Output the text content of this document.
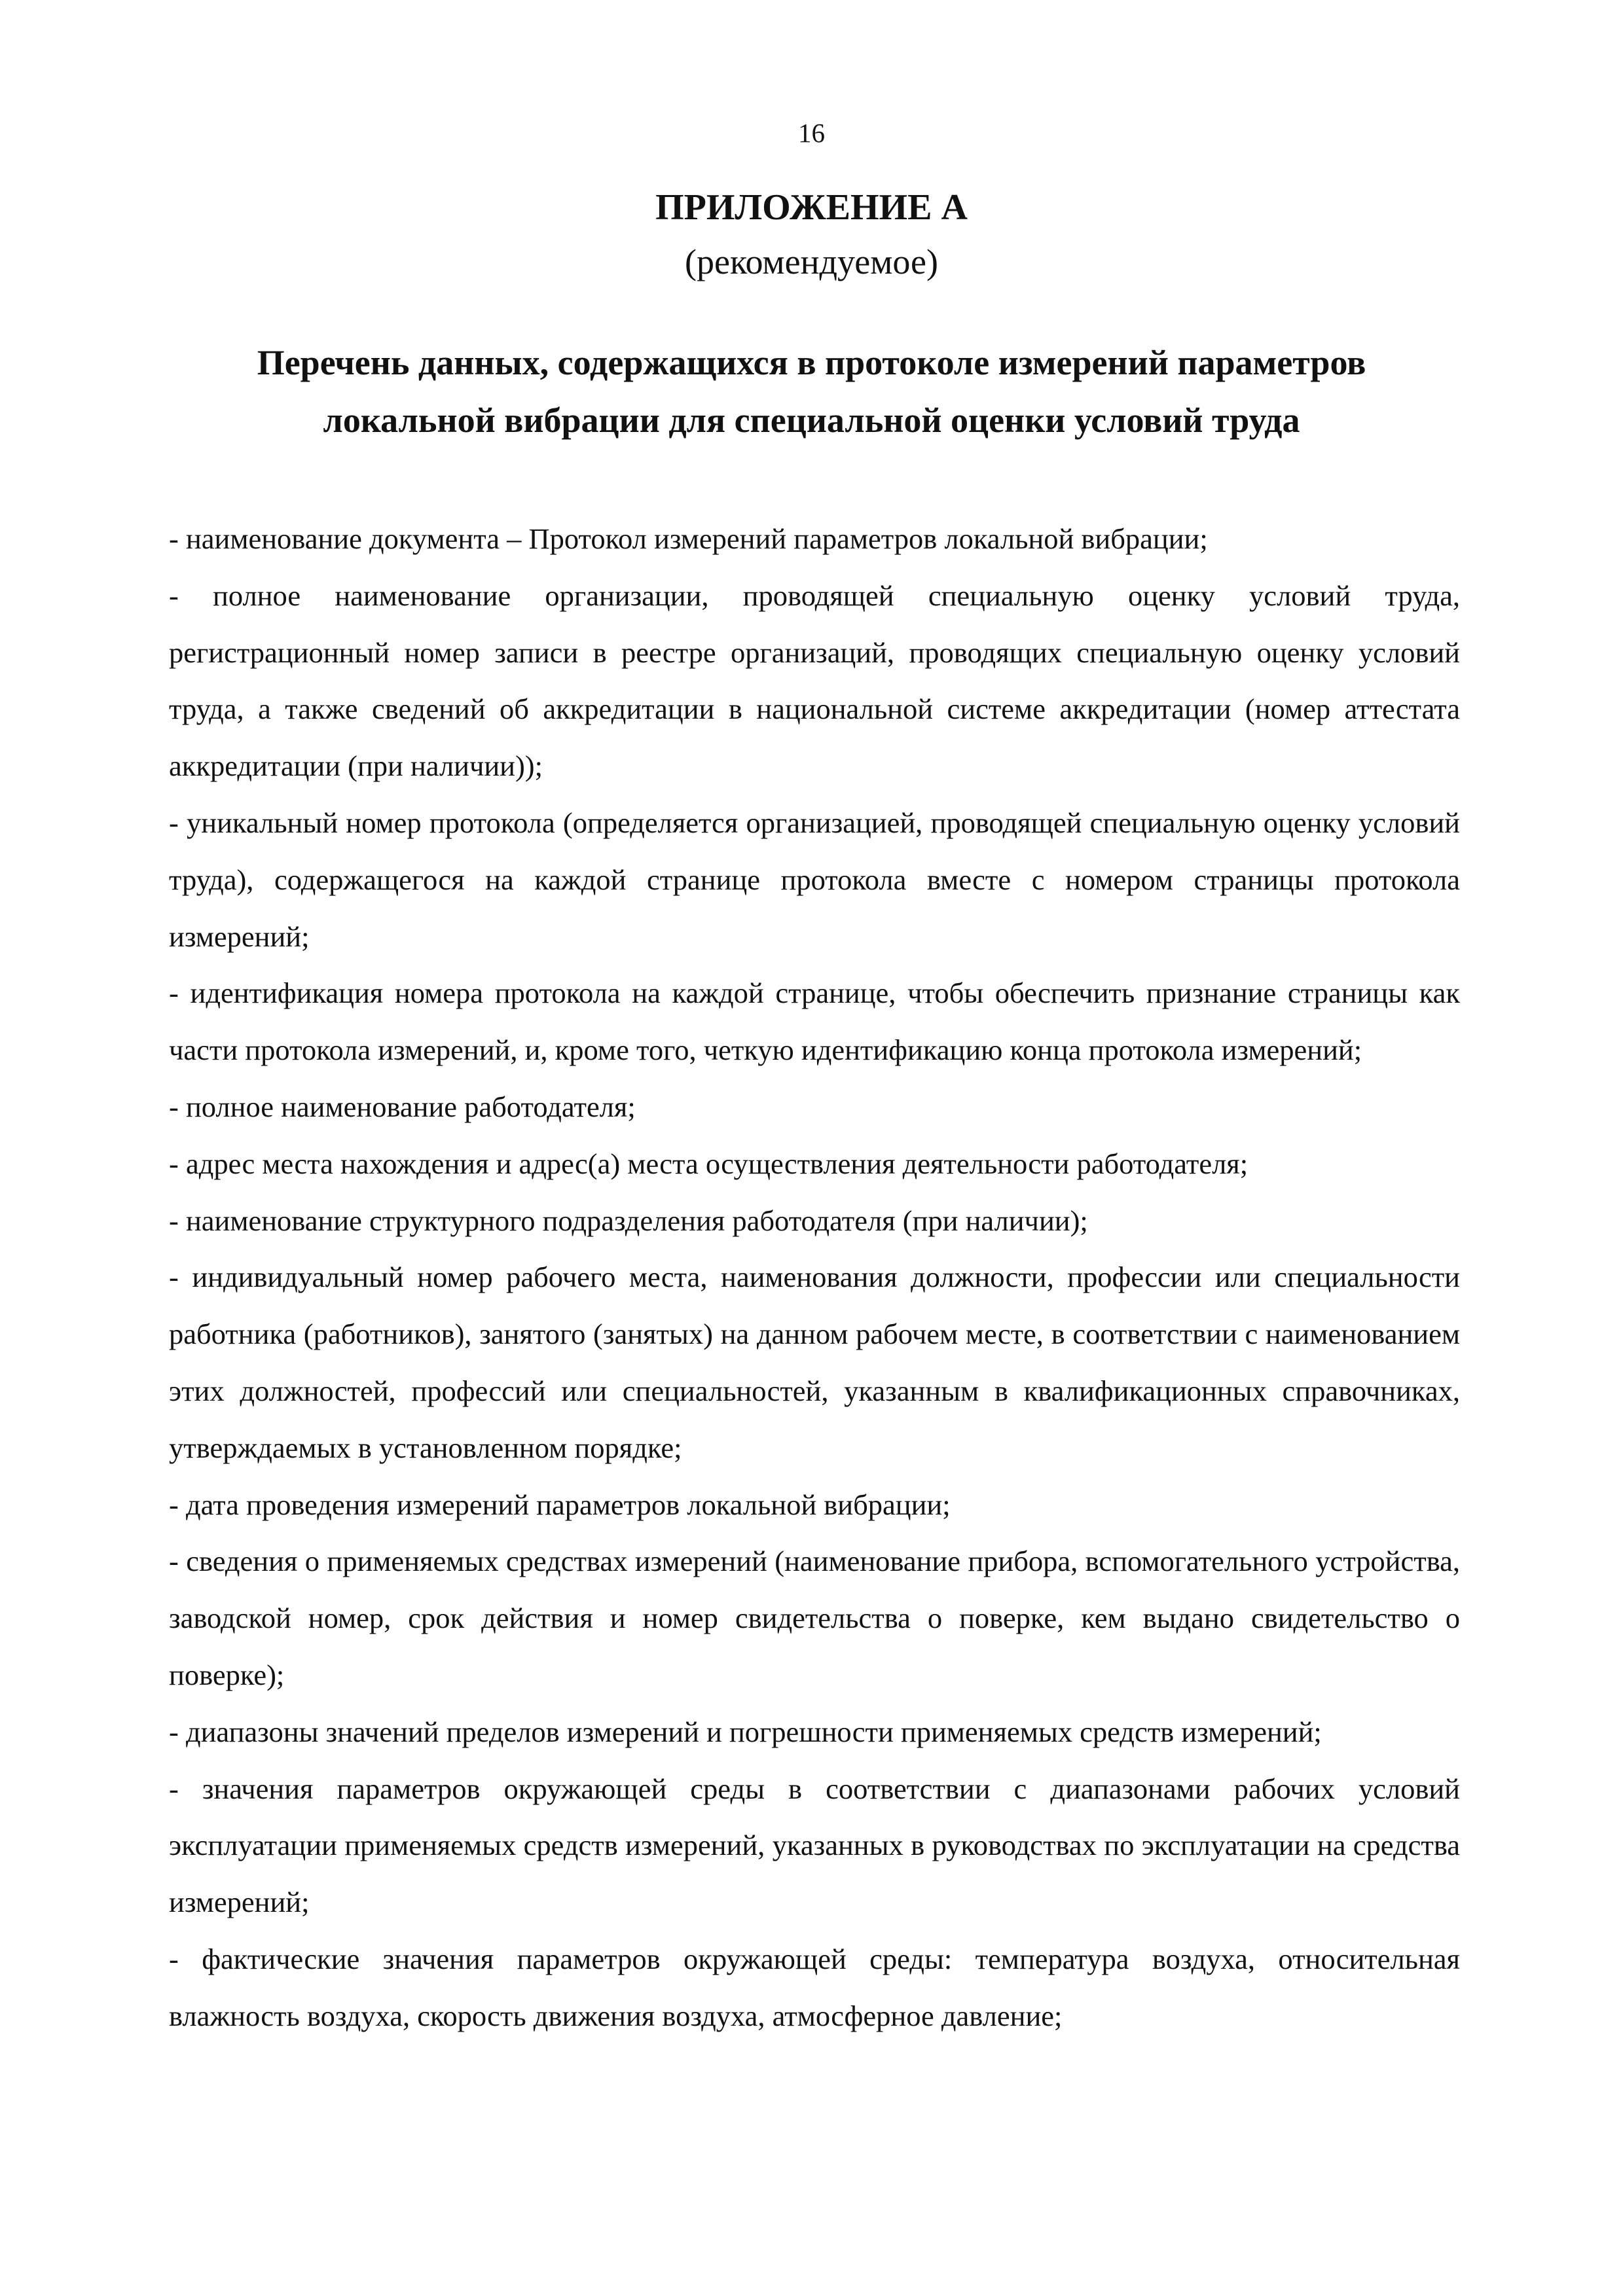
16
ПРИЛОЖЕНИЕ А
(рекомендуемое)
Перечень данных, содержащихся в протоколе измерений параметров
локальной вибрации для специальной оценки условий труда
- наименование документа – Протокол измерений параметров локальной вибрации;
- полное наименование организации, проводящей специальную оценку условий труда, регистрационный номер записи в реестре организаций, проводящих специальную оценку условий труда, а также сведений об аккредитации в национальной системе аккредитации (номер аттестата аккредитации (при наличии));
- уникальный номер протокола (определяется организацией, проводящей специальную оценку условий труда), содержащегося на каждой странице протокола вместе с номером страницы протокола измерений;
- идентификация номера протокола на каждой странице, чтобы обеспечить признание страницы как части протокола измерений, и, кроме того, четкую идентификацию конца протокола измерений;
- полное наименование работодателя;
- адрес места нахождения и адрес(а) места осуществления деятельности работодателя;
- наименование структурного подразделения работодателя (при наличии);
- индивидуальный номер рабочего места, наименования должности, профессии или специальности работника (работников), занятого (занятых) на данном рабочем месте, в соответствии с наименованием этих должностей, профессий или специальностей, указанным в квалификационных справочниках, утверждаемых в установленном порядке;
- дата проведения измерений параметров локальной вибрации;
- сведения о применяемых средствах измерений (наименование прибора, вспомогательного устройства, заводской номер, срок действия и номер свидетельства о поверке, кем выдано свидетельство о поверке);
- диапазоны значений пределов измерений и погрешности применяемых средств измерений;
- значения параметров окружающей среды в соответствии с диапазонами рабочих условий эксплуатации применяемых средств измерений, указанных в руководствах по эксплуатации на средства измерений;
- фактические значения параметров окружающей среды: температура воздуха, относительная влажность воздуха, скорость движения воздуха, атмосферное давление;
